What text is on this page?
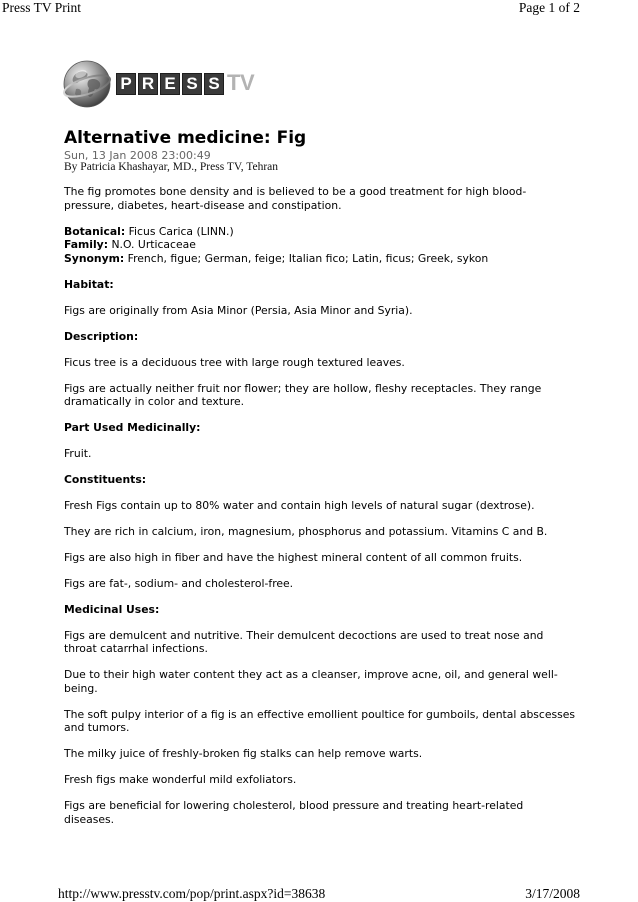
Press TV Print	Page 1 of 2
P R E S S TV
Alternative medicine: Fig
Sun, 13 Jan 2008 23:00:49
By Patricia Khashayar, MD., Press TV, Tehran

The fig promotes bone density and is believed to be a good treatment for high blood-
pressure, diabetes, heart-disease and constipation.

Botanical: Ficus Carica (LINN.)
Family: N.O. Urticaceae
Synonym: French, figue; German, feige; Italian fico; Latin, ficus; Greek, sykon

Habitat:

Figs are originally from Asia Minor (Persia, Asia Minor and Syria).

Description:

Ficus tree is a deciduous tree with large rough textured leaves.

Figs are actually neither fruit nor flower; they are hollow, fleshy receptacles. They range
dramatically in color and texture.

Part Used Medicinally:

Fruit.

Constituents:

Fresh Figs contain up to 80% water and contain high levels of natural sugar (dextrose).

They are rich in calcium, iron, magnesium, phosphorus and potassium. Vitamins C and B.

Figs are also high in fiber and have the highest mineral content of all common fruits.

Figs are fat-, sodium- and cholesterol-free.

Medicinal Uses:

Figs are demulcent and nutritive. Their demulcent decoctions are used to treat nose and
throat catarrhal infections.

Due to their high water content they act as a cleanser, improve acne, oil, and general well-
being.

The soft pulpy interior of a fig is an effective emollient poultice for gumboils, dental abscesses
and tumors.

The milky juice of freshly-broken fig stalks can help remove warts.

Fresh figs make wonderful mild exfoliators.

Figs are beneficial for lowering cholesterol, blood pressure and treating heart-related
diseases.

http://www.presstv.com/pop/print.aspx?id=38638	3/17/2008
